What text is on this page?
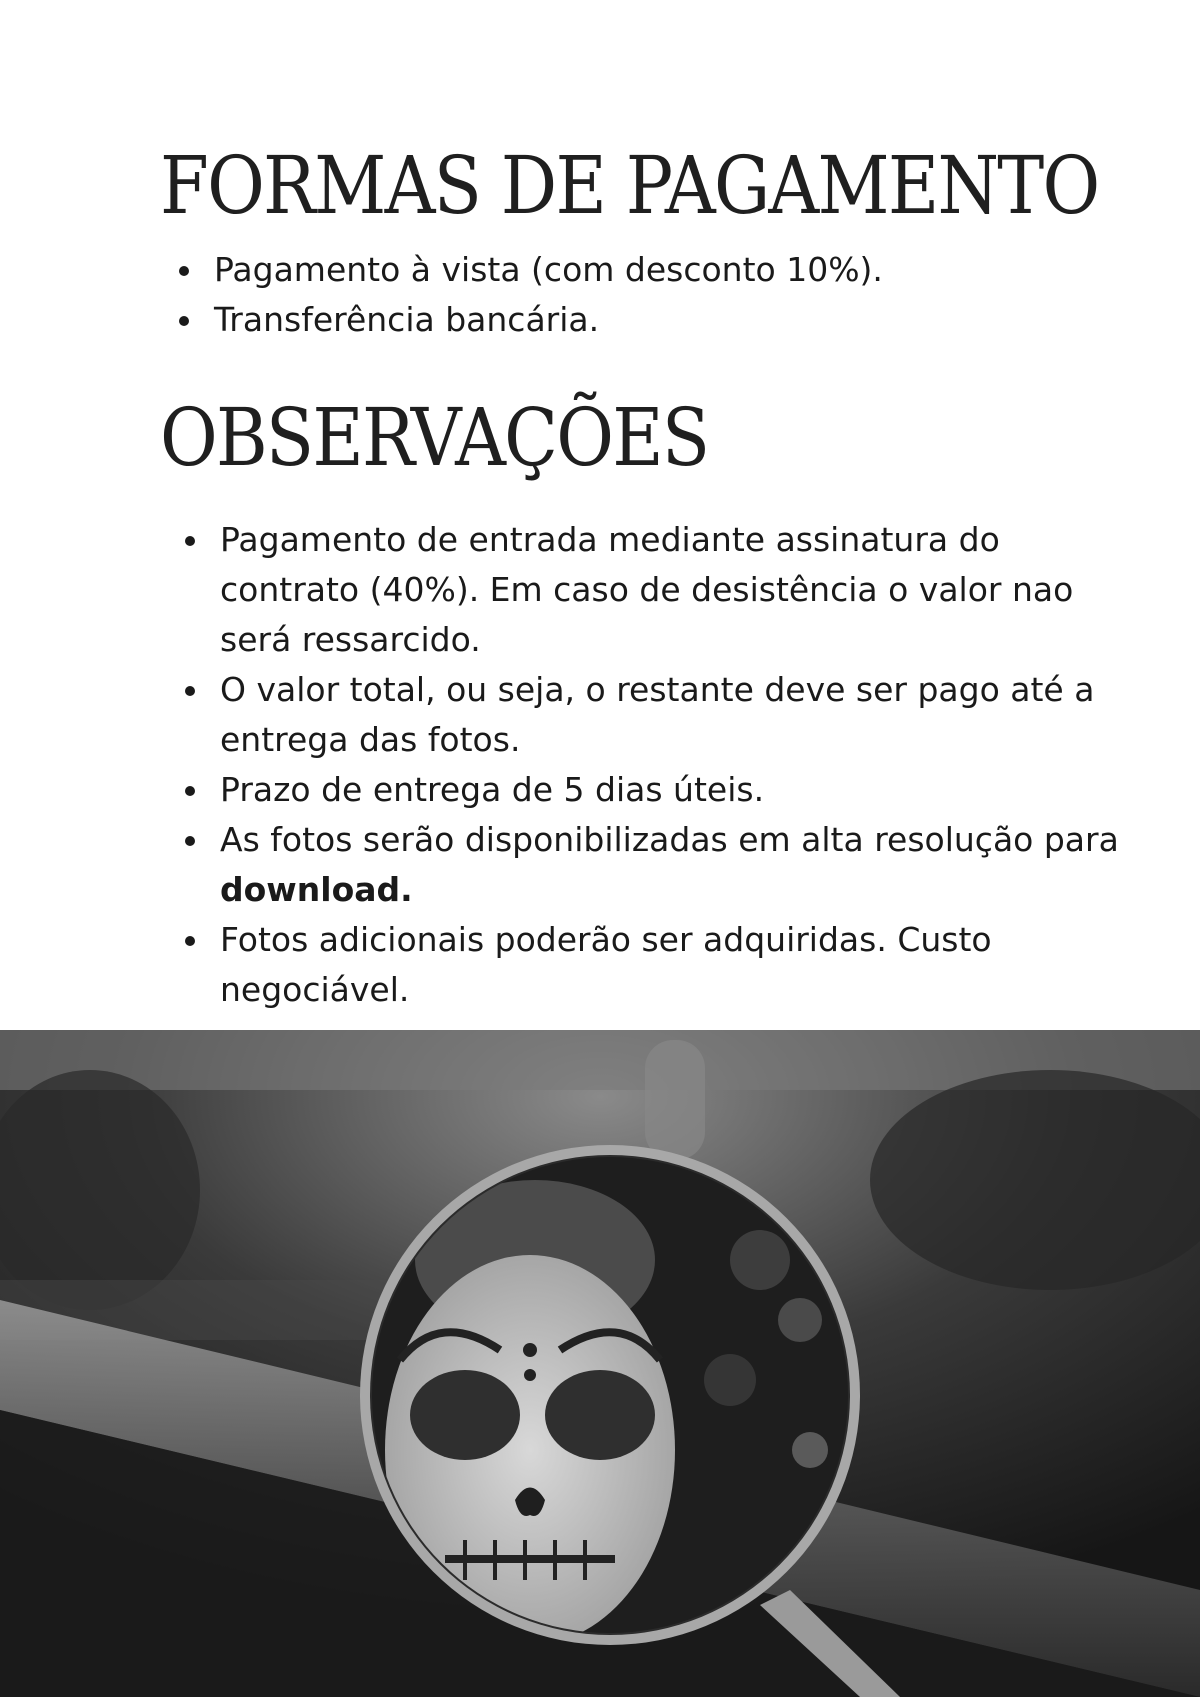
FORMAS DE PAGAMENTO
Pagamento à vista (com desconto 10%).
Transferência bancária.
OBSERVAÇÕES
Pagamento de entrada mediante assinatura do contrato (40%). Em caso de desistência o valor nao será ressarcido.
O valor total, ou seja, o restante deve ser pago até a entrega das fotos.
Prazo de entrega de 5 dias úteis.
As fotos serão disponibilizadas em alta resolução para download.
Fotos adicionais poderão ser adquiridas. Custo negociável.
